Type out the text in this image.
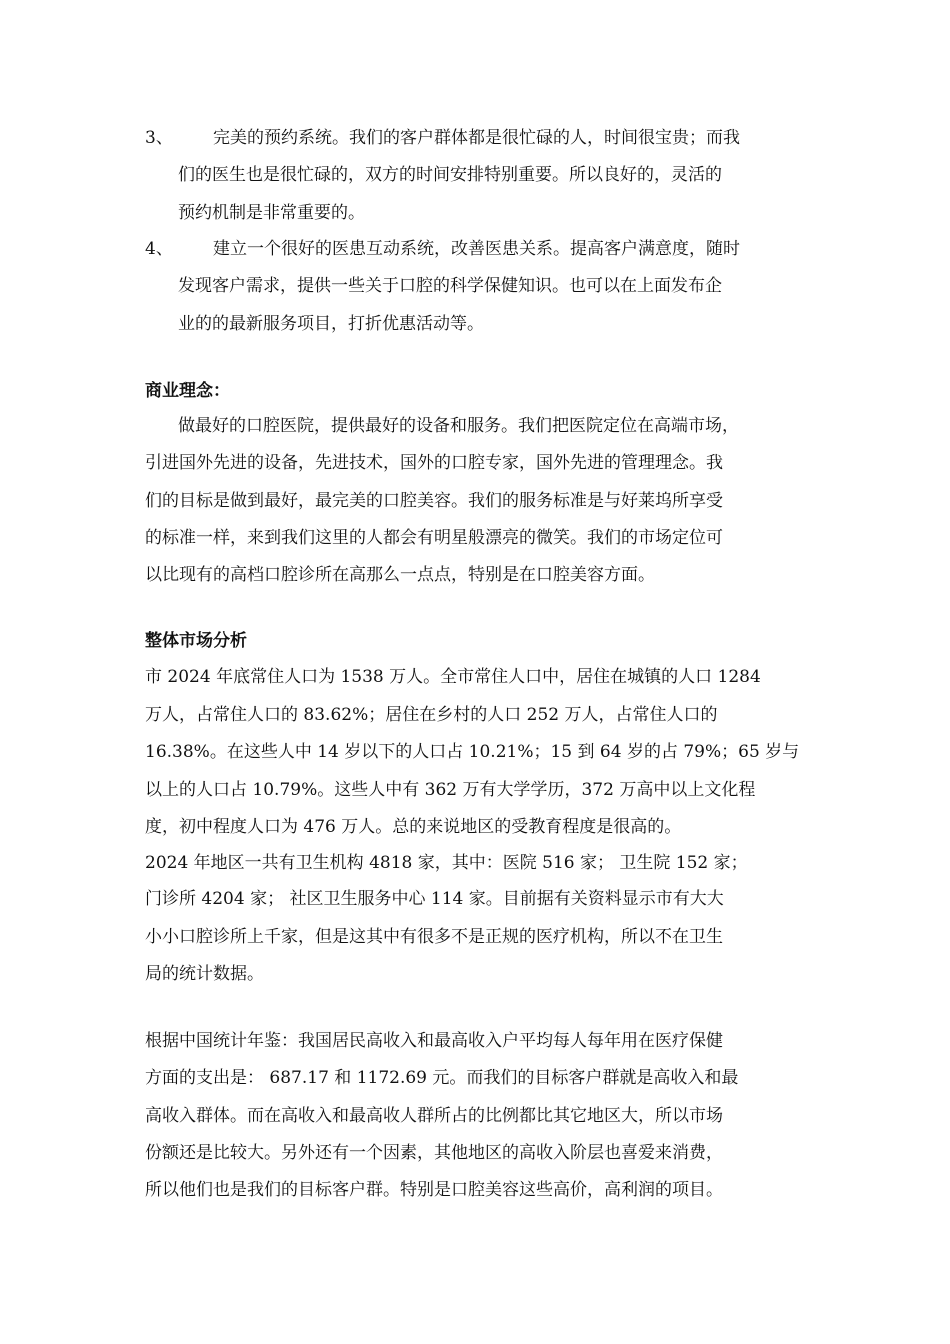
3、 完美的预约系统。我们的客户群体都是很忙碌的人，时间很宝贵；而我
们的医生也是很忙碌的，双方的时间安排特别重要。所以良好的，灵活的
预约机制是非常重要的。
4、 建立一个很好的医患互动系统，改善医患关系。提高客户满意度，随时
发现客户需求，提供一些关于口腔的科学保健知识。也可以在上面发布企
业的的最新服务项目，打折优惠活动等。
商业理念：
做最好的口腔医院，提供最好的设备和服务。我们把医院定位在高端市场，
引进国外先进的设备，先进技术，国外的口腔专家，国外先进的管理理念。我
们的目标是做到最好，最完美的口腔美容。我们的服务标准是与好莱坞所享受
的标准一样，来到我们这里的人都会有明星般漂亮的微笑。我们的市场定位可
以比现有的高档口腔诊所在高那么一点点，特别是在口腔美容方面。
整体市场分析
市 2024 年底常住人口为 1538 万人。全市常住人口中，居住在城镇的人口 1284
万人，占常住人口的 83.62%；居住在乡村的人口 252 万人，占常住人口的
16.38%。在这些人中 14 岁以下的人口占 10.21%；15 到 64 岁的占 79%；65 岁与
以上的人口占 10.79%。这些人中有 362 万有大学学历，372 万高中以上文化程
度，初中程度人口为 476 万人。总的来说地区的受教育程度是很高的。
2024 年地区一共有卫生机构 4818 家，其中：医院 516 家； 卫生院 152 家；
门诊所 4204 家； 社区卫生服务中心 114 家。目前据有关资料显示市有大大
小小口腔诊所上千家，但是这其中有很多不是正规的医疗机构，所以不在卫生
局的统计数据。
根据中国统计年鉴：我国居民高收入和最高收入户平均每人每年用在医疗保健
方面的支出是： 687.17 和 1172.69 元。而我们的目标客户群就是高收入和最
高收入群体。而在高收入和最高收人群所占的比例都比其它地区大，所以市场
份额还是比较大。另外还有一个因素，其他地区的高收入阶层也喜爱来消费，
所以他们也是我们的目标客户群。特别是口腔美容这些高价，高利润的项目。
